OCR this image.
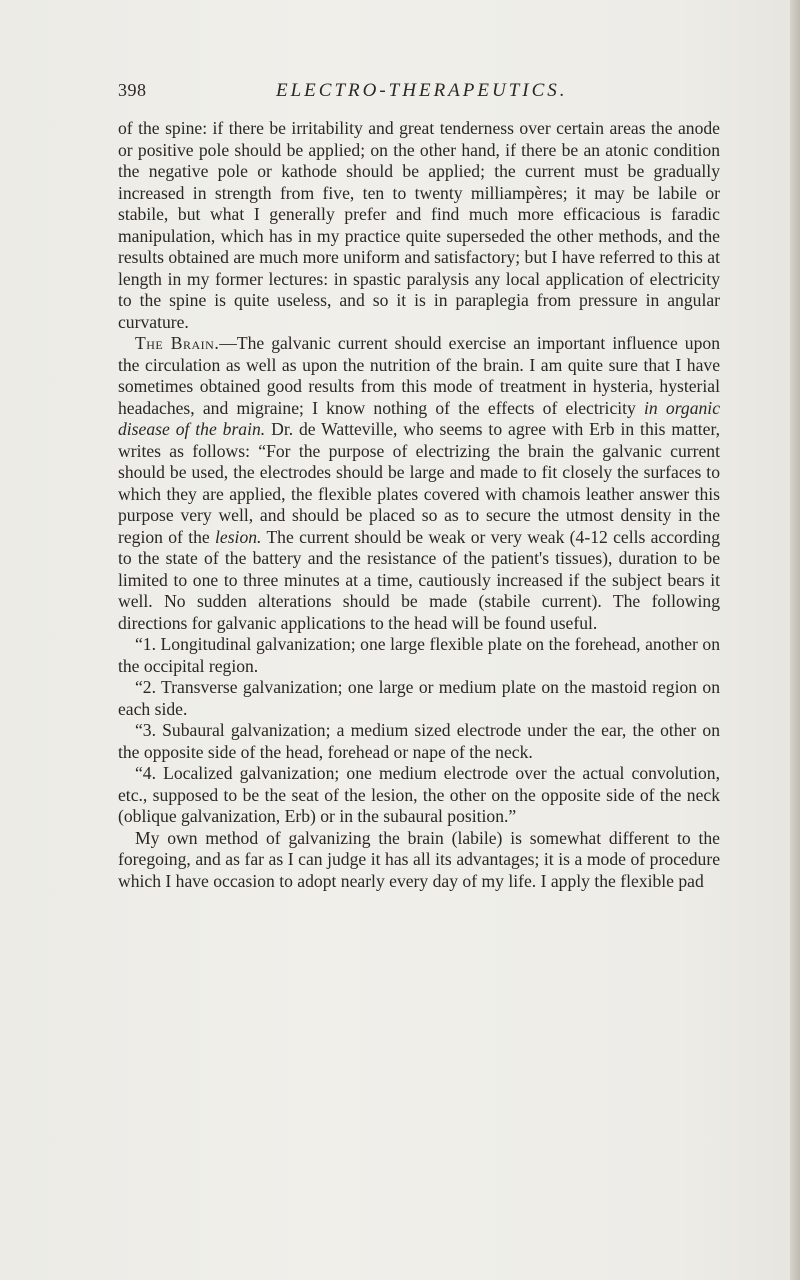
398	ELECTRO-THERAPEUTICS.

of the spine: if there be irritability and great tenderness over certain areas the anode or positive pole should be applied; on the other hand, if there be an atonic condition the negative pole or kathode should be applied; the current must be gradually increased in strength from five, ten to twenty milliampères; it may be labile or stabile, but what I generally prefer and find much more efficacious is faradic manipulation, which has in my practice quite superseded the other methods, and the results obtained are much more uniform and satisfactory; but I have referred to this at length in my former lectures: in spastic paralysis any local application of electricity to the spine is quite useless, and so it is in paraplegia from pressure in angular curvature.

The Brain.—The galvanic current should exercise an important influence upon the circulation as well as upon the nutrition of the brain. I am quite sure that I have sometimes obtained good results from this mode of treatment in hysteria, hysterial headaches, and migraine; I know nothing of the effects of electricity in organic disease of the brain. Dr. de Watteville, who seems to agree with Erb in this matter, writes as follows: “For the purpose of electrizing the brain the galvanic current should be used, the electrodes should be large and made to fit closely the surfaces to which they are applied, the flexible plates covered with chamois leather answer this purpose very well, and should be placed so as to secure the utmost density in the region of the lesion. The current should be weak or very weak (4-12 cells according to the state of the battery and the resistance of the patient's tissues), duration to be limited to one to three minutes at a time, cautiously increased if the subject bears it well. No sudden alterations should be made (stabile current). The following directions for galvanic applications to the head will be found useful.

“1. Longitudinal galvanization; one large flexible plate on the forehead, another on the occipital region.

“2. Transverse galvanization; one large or medium plate on the mastoid region on each side.

“3. Subaural galvanization; a medium sized electrode under the ear, the other on the opposite side of the head, forehead or nape of the neck.

“4. Localized galvanization; one medium electrode over the actual convolution, etc., supposed to be the seat of the lesion, the other on the opposite side of the neck (oblique galvanization, Erb) or in the subaural position.”

My own method of galvanizing the brain (labile) is somewhat different to the foregoing, and as far as I can judge it has all its advantages; it is a mode of procedure which I have occasion to adopt nearly every day of my life. I apply the flexible pad
